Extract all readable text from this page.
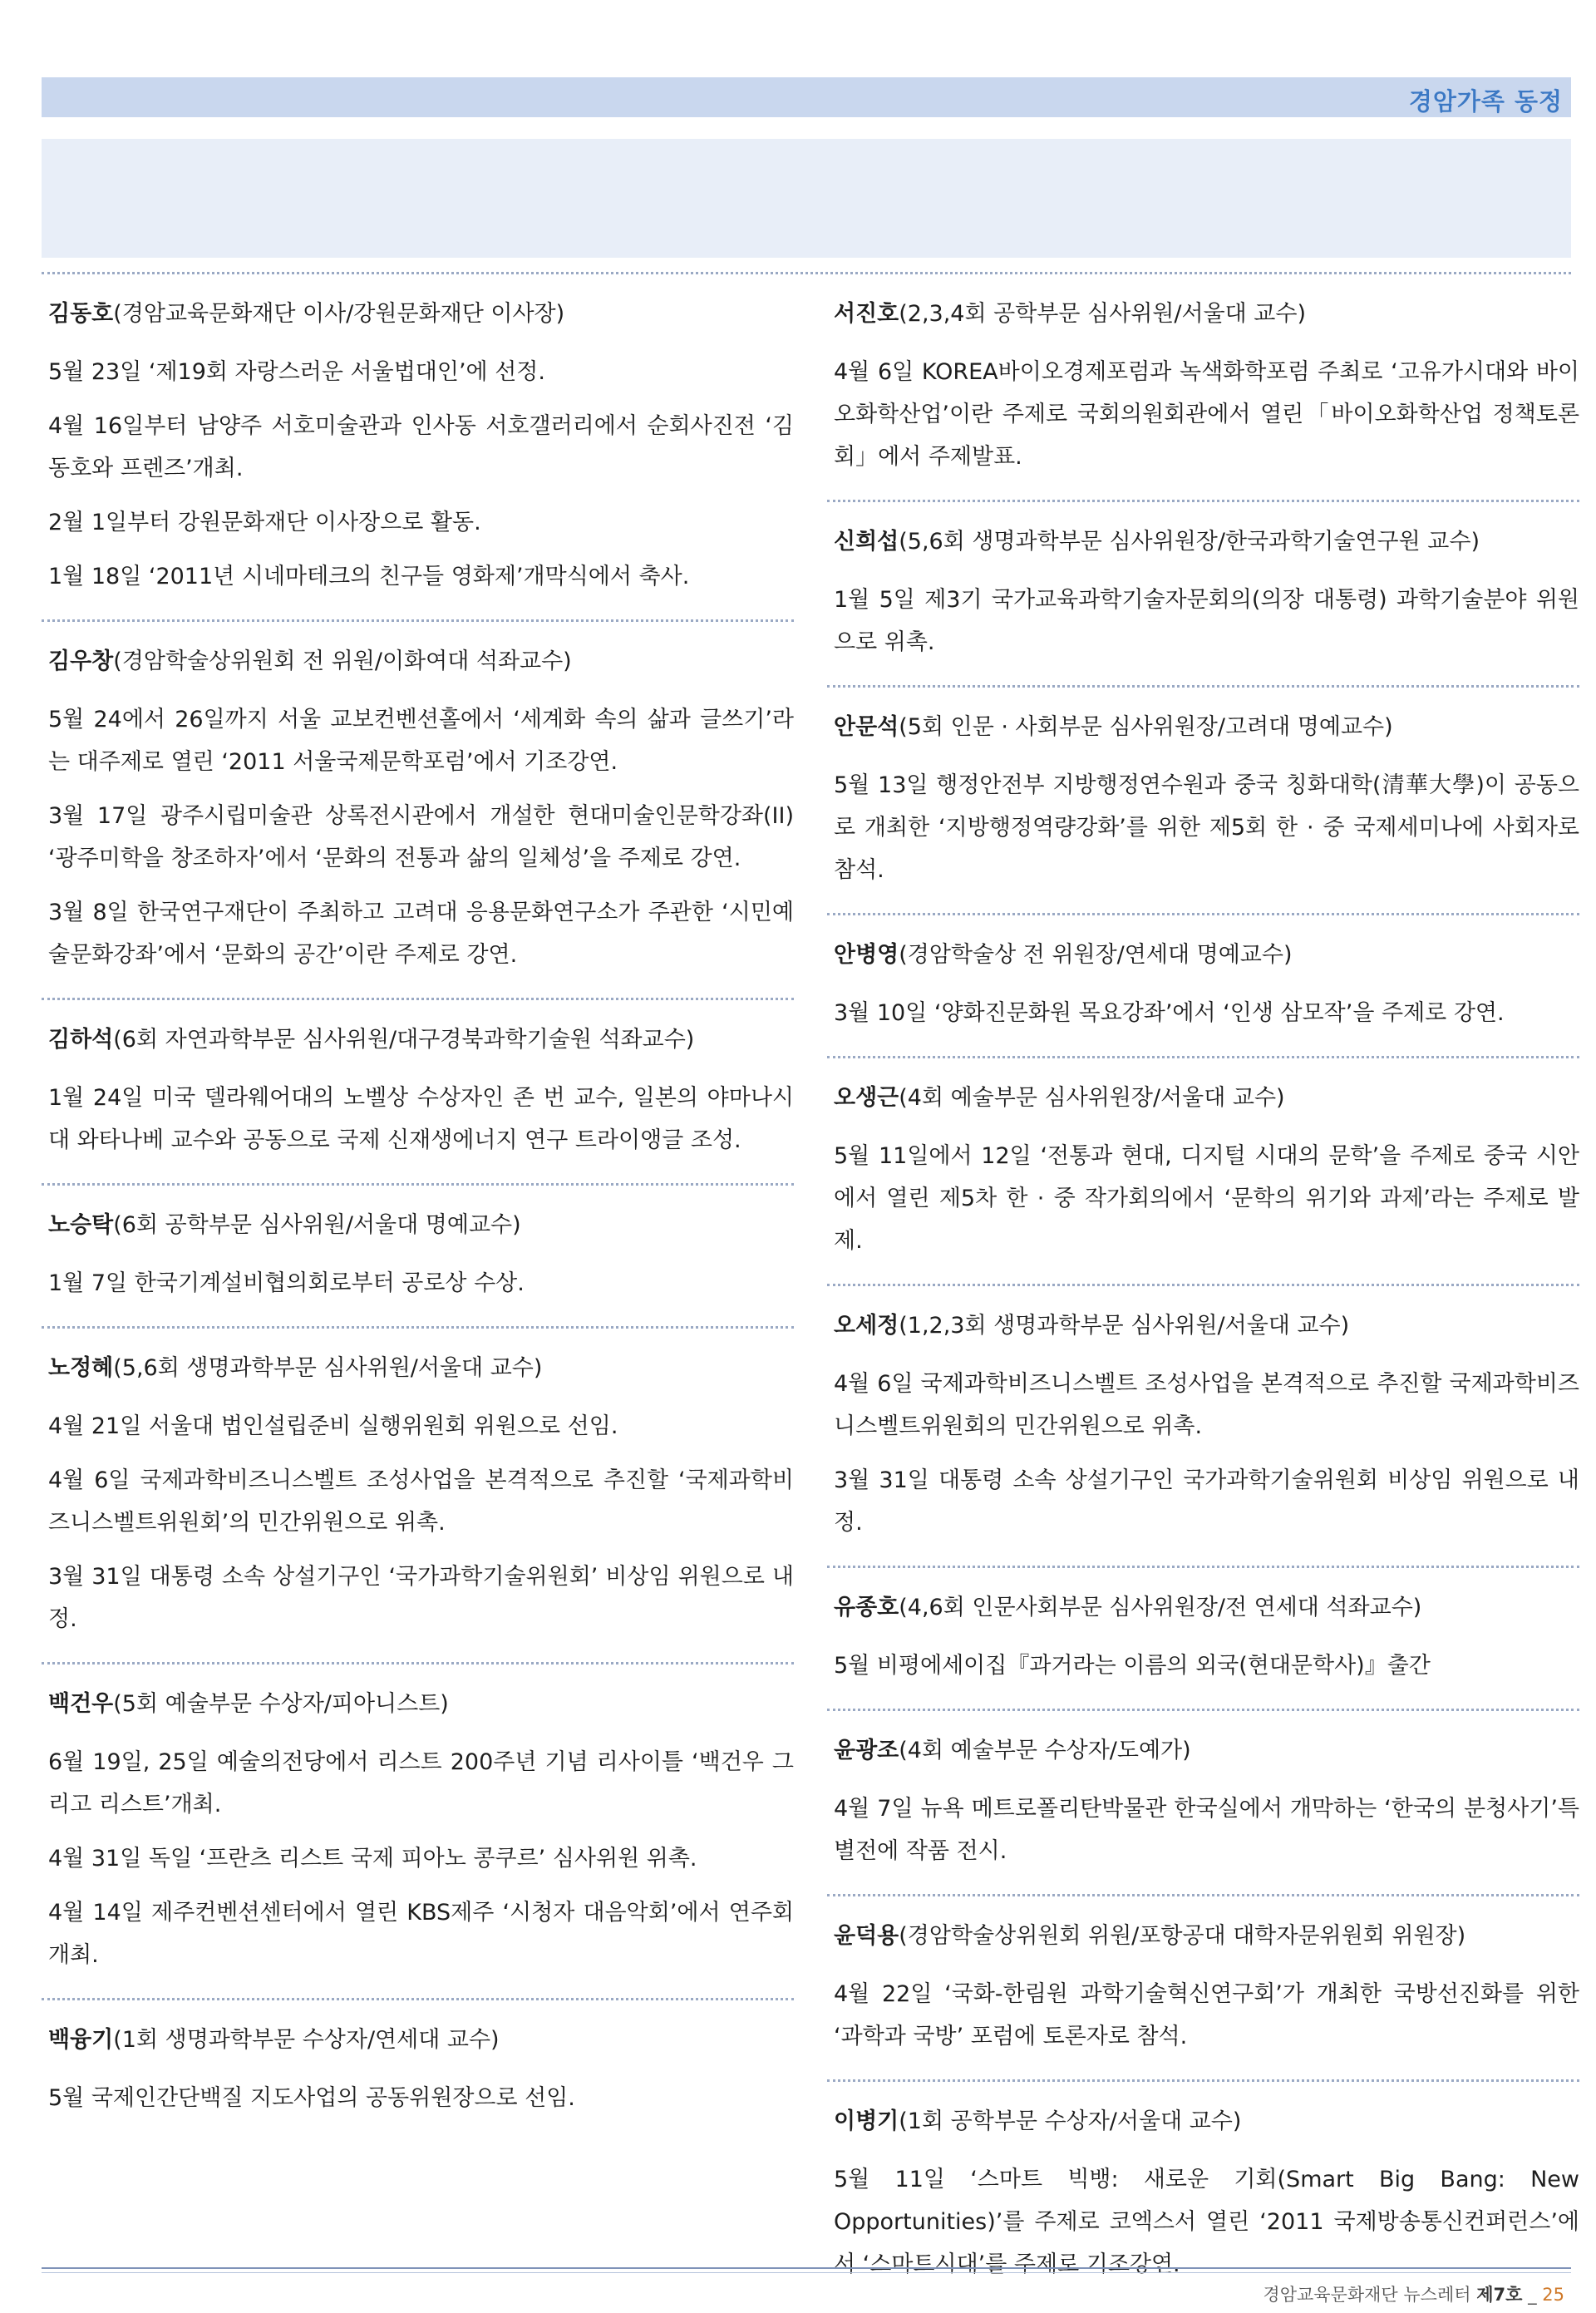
경암가족 동정
김동호(경암교육문화재단 이사/강원문화재단 이사장)
5월 23일 ‘제19회 자랑스러운 서울법대인’에 선정.
4월 16일부터 남양주 서호미술관과 인사동 서호갤러리에서 순회사진전 ‘김동호와 프렌즈’개최.
2월 1일부터 강원문화재단 이사장으로 활동.
1월 18일 ‘2011년 시네마테크의 친구들 영화제’개막식에서 축사.
김우창(경암학술상위원회 전 위원/이화여대 석좌교수)
5월 24에서 26일까지 서울 교보컨벤션홀에서 ‘세계화 속의 삶과 글쓰기’라는 대주제로 열린 ‘2011 서울국제문학포럼’에서 기조강연.
3월 17일 광주시립미술관 상록전시관에서 개설한 현대미술인문학강좌(II) ‘광주미학을 창조하자’에서 ‘문화의 전통과 삶의 일체성’을 주제로 강연.
3월 8일 한국연구재단이 주최하고 고려대 응용문화연구소가 주관한 ‘시민예술문화강좌’에서 ‘문화의 공간’이란 주제로 강연.
김하석(6회 자연과학부문 심사위원/대구경북과학기술원 석좌교수)
1월 24일 미국 델라웨어대의 노벨상 수상자인 존 번 교수, 일본의 야마나시대 와타나베 교수와 공동으로 국제 신재생에너지 연구 트라이앵글 조성.
노승탁(6회 공학부문 심사위원/서울대 명예교수)
1월 7일 한국기계설비협의회로부터 공로상 수상.
노정혜(5,6회 생명과학부문 심사위원/서울대 교수)
4월 21일 서울대 법인설립준비 실행위원회 위원으로 선임.
4월 6일 국제과학비즈니스벨트 조성사업을 본격적으로 추진할 ‘국제과학비즈니스벨트위원회’의 민간위원으로 위촉.
3월 31일 대통령 소속 상설기구인 ‘국가과학기술위원회’ 비상임 위원으로 내정.
백건우(5회 예술부문 수상자/피아니스트)
6월 19일, 25일 예술의전당에서 리스트 200주년 기념 리사이틀 ‘백건우 그리고 리스트’개최.
4월 31일 독일 ‘프란츠 리스트 국제 피아노 콩쿠르’ 심사위원 위촉.
4월 14일 제주컨벤션센터에서 열린 KBS제주 ‘시청자 대음악회’에서 연주회 개최.
백융기(1회 생명과학부문 수상자/연세대 교수)
5월 국제인간단백질 지도사업의 공동위원장으로 선임.
서진호(2,3,4회 공학부문 심사위원/서울대 교수)
4월 6일 KOREA바이오경제포럼과 녹색화학포럼 주최로 ‘고유가시대와 바이오화학산업’이란 주제로 국회의원회관에서 열린「바이오화학산업 정책토론회」에서 주제발표.
신희섭(5,6회 생명과학부문 심사위원장/한국과학기술연구원 교수)
1월 5일 제3기 국가교육과학기술자문회의(의장 대통령) 과학기술분야 위원으로 위촉.
안문석(5회 인문 · 사회부문 심사위원장/고려대 명예교수)
5월 13일 행정안전부 지방행정연수원과 중국 칭화대학(清華大學)이 공동으로 개최한 ‘지방행정역량강화’를 위한 제5회 한 · 중 국제세미나에 사회자로 참석.
안병영(경암학술상 전 위원장/연세대 명예교수)
3월 10일 ‘양화진문화원 목요강좌’에서 ‘인생 삼모작’을 주제로 강연.
오생근(4회 예술부문 심사위원장/서울대 교수)
5월 11일에서 12일 ‘전통과 현대, 디지털 시대의 문학’을 주제로 중국 시안에서 열린 제5차 한 · 중 작가회의에서 ‘문학의 위기와 과제’라는 주제로 발제.
오세정(1,2,3회 생명과학부문 심사위원/서울대 교수)
4월 6일 국제과학비즈니스벨트 조성사업을 본격적으로 추진할 국제과학비즈니스벨트위원회의 민간위원으로 위촉.
3월 31일 대통령 소속 상설기구인 국가과학기술위원회 비상임 위원으로 내정.
유종호(4,6회 인문사회부문 심사위원장/전 연세대 석좌교수)
5월 비평에세이집『과거라는 이름의 외국(현대문학사)』출간
윤광조(4회 예술부문 수상자/도예가)
4월 7일 뉴욕 메트로폴리탄박물관 한국실에서 개막하는 ‘한국의 분청사기’특별전에 작품 전시.
윤덕용(경암학술상위원회 위원/포항공대 대학자문위원회 위원장)
4월 22일 ‘국화-한림원 과학기술혁신연구회’가 개최한 국방선진화를 위한 ‘과학과 국방’ 포럼에 토론자로 참석.
이병기(1회 공학부문 수상자/서울대 교수)
5월 11일 ‘스마트 빅뱅: 새로운 기회(Smart Big Bang: New Opportunities)’를 주제로 코엑스서 열린 ‘2011 국제방송통신컨퍼런스’에서 ‘스마트시대’를 주제로 기조강연.
경암교육문화재단 뉴스레터 제7호 _ 25
